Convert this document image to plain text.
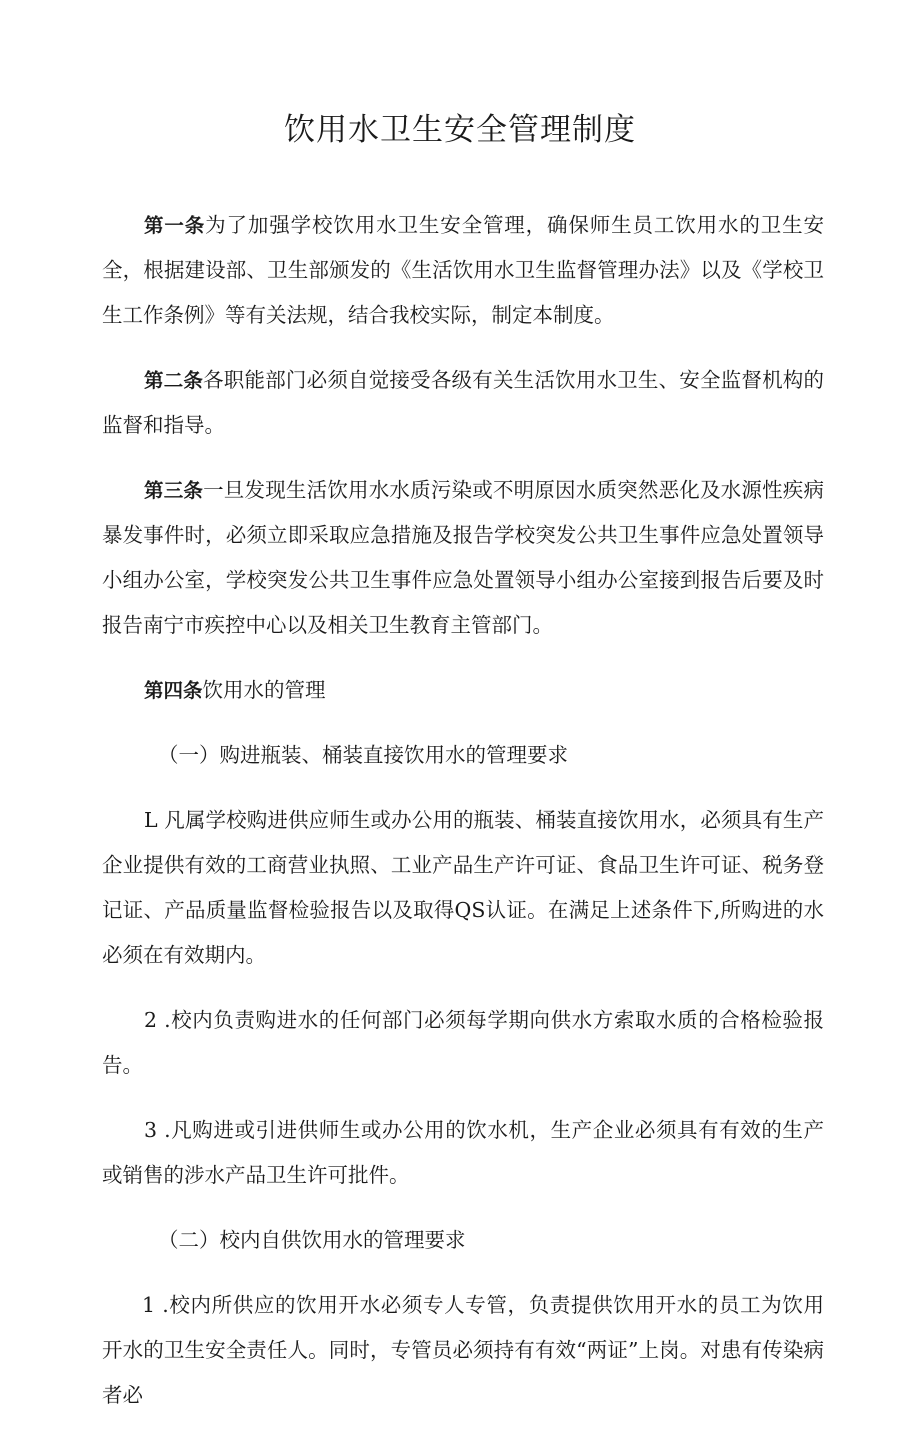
饮用水卫生安全管理制度

第一条为了加强学校饮用水卫生安全管理，确保师生员工饮用水的卫生安全，根据建设部、卫生部颁发的《生活饮用水卫生监督管理办法》以及《学校卫生工作条例》等有关法规，结合我校实际，制定本制度。

第二条各职能部门必须自觉接受各级有关生活饮用水卫生、安全监督机构的监督和指导。

第三条一旦发现生活饮用水水质污染或不明原因水质突然恶化及水源性疾病暴发事件时，必须立即采取应急措施及报告学校突发公共卫生事件应急处置领导小组办公室，学校突发公共卫生事件应急处置领导小组办公室接到报告后要及时报告南宁市疾控中心以及相关卫生教育主管部门。

第四条饮用水的管理

（一）购进瓶装、桶装直接饮用水的管理要求

L 凡属学校购进供应师生或办公用的瓶装、桶装直接饮用水，必须具有生产企业提供有效的工商营业执照、工业产品生产许可证、食品卫生许可证、税务登记证、产品质量监督检验报告以及取得QS认证。在满足上述条件下,所购进的水必须在有效期内。

2 .校内负责购进水的任何部门必须每学期向供水方索取水质的合格检验报告。

3 .凡购进或引进供师生或办公用的饮水机，生产企业必须具有有效的生产或销售的涉水产品卫生许可批件。

（二）校内自供饮用水的管理要求

1 .校内所供应的饮用开水必须专人专管，负责提供饮用开水的员工为饮用开水的卫生安全责任人。同时，专管员必须持有有效“两证”上岗。对患有传染病者必
